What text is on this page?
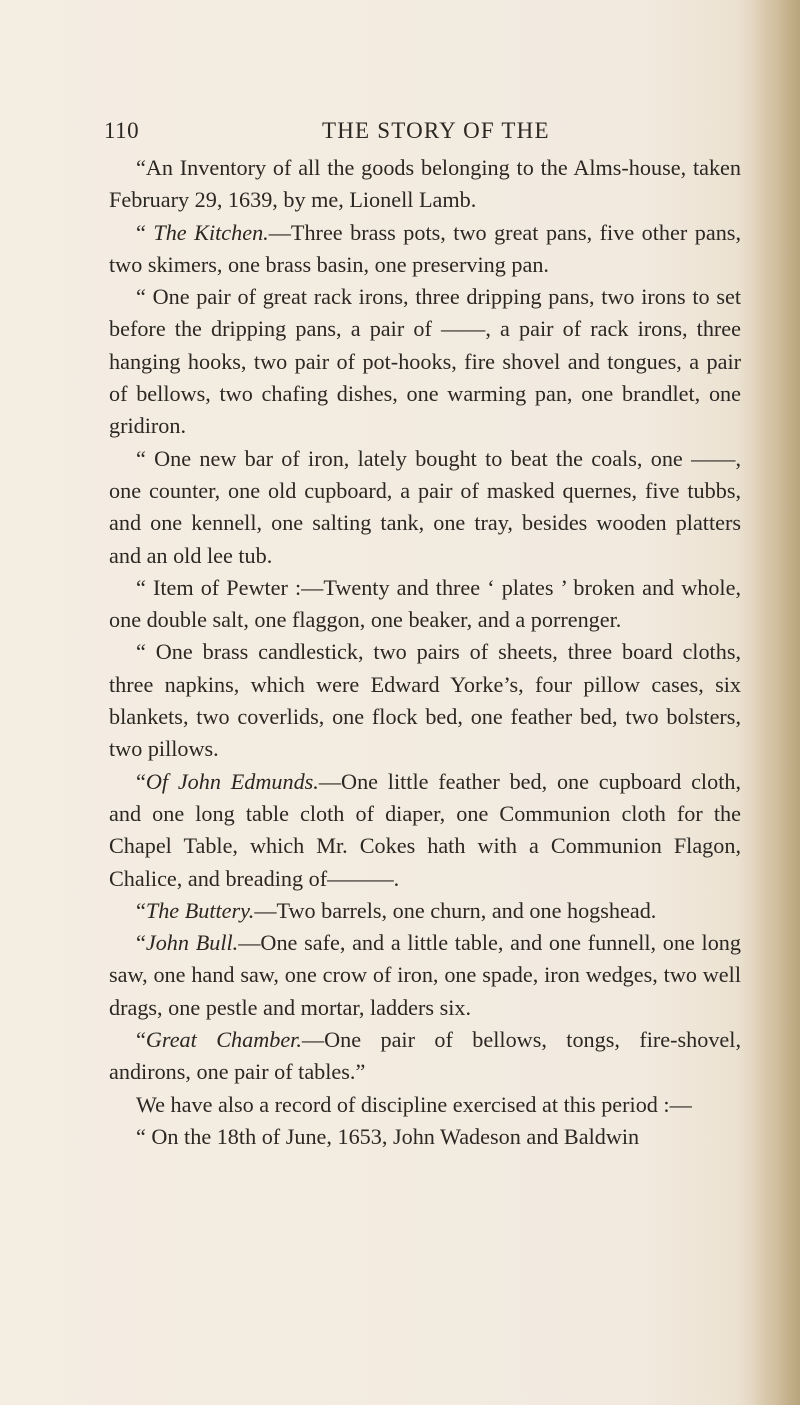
110	THE STORY OF THE

“An Inventory of all the goods belonging to the Alms-house, taken February 29, 1639, by me, Lionell Lamb.

“ The Kitchen.—Three brass pots, two great pans, five other pans, two skimers, one brass basin, one preserving pan.

“ One pair of great rack irons, three dripping pans, two irons to set before the dripping pans, a pair of ——, a pair of rack irons, three hanging hooks, two pair of pot-hooks, fire shovel and tongues, a pair of bellows, two chafing dishes, one warming pan, one brandlet, one gridiron.

“ One new bar of iron, lately bought to beat the coals, one ——, one counter, one old cupboard, a pair of masked quernes, five tubbs, and one kennell, one salting tank, one tray, besides wooden platters and an old lee tub.

“ Item of Pewter :—Twenty and three ‘ plates ’ broken and whole, one double salt, one flaggon, one beaker, and a porrenger.

“ One brass candlestick, two pairs of sheets, three board cloths, three napkins, which were Edward Yorke’s, four pillow cases, six blankets, two coverlids, one flock bed, one feather bed, two bolsters, two pillows.

“Of John Edmunds.—One little feather bed, one cupboard cloth, and one long table cloth of diaper, one Communion cloth for the Chapel Table, which Mr. Cokes hath with a Communion Flagon, Chalice, and breading of———.

“The Buttery.—Two barrels, one churn, and one hogshead.

“John Bull.—One safe, and a little table, and one funnell, one long saw, one hand saw, one crow of iron, one spade, iron wedges, two well drags, one pestle and mortar, ladders six.

“Great Chamber.—One pair of bellows, tongs, fire-shovel, andirons, one pair of tables.”

We have also a record of discipline exercised at this period :—

“ On the 18th of June, 1653, John Wadeson and Baldwin
